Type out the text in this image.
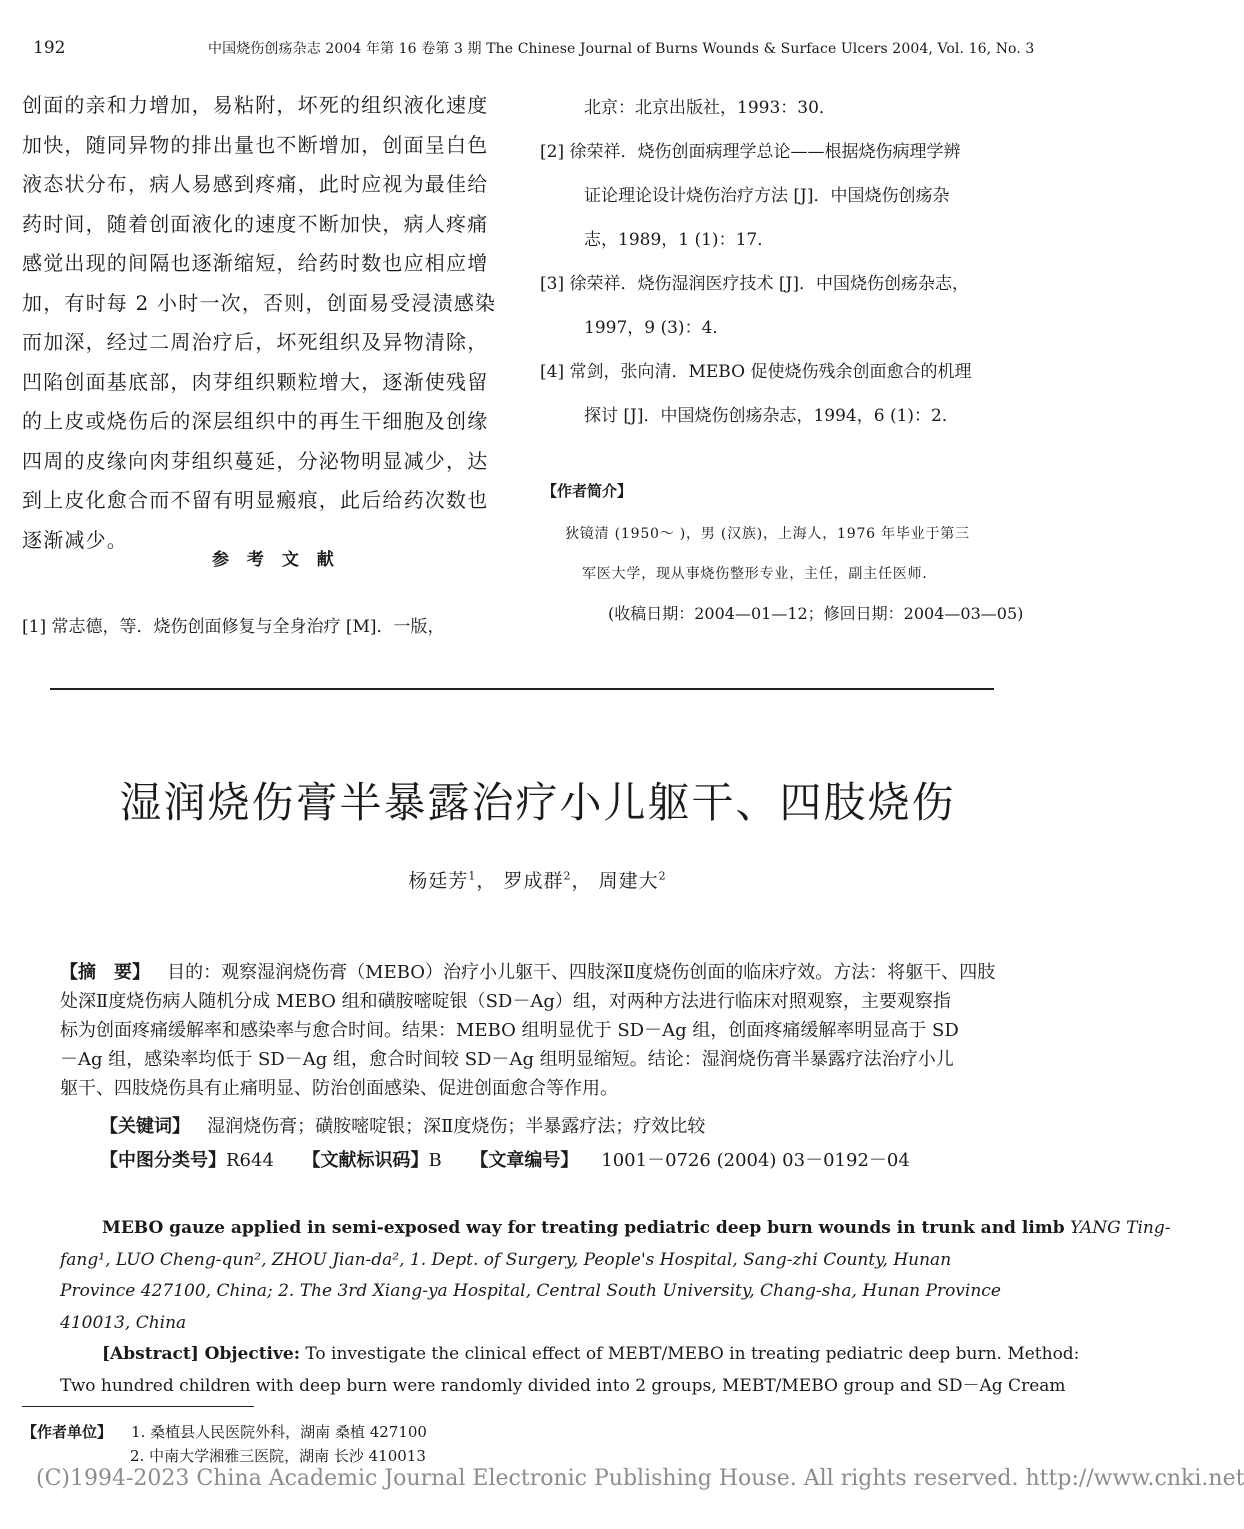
192	中国烧伤创疡杂志 2004 年第 16 卷第 3 期 The Chinese Journal of Burns Wounds & Surface Ulcers 2004, Vol. 16, No. 3
创面的亲和力增加，易粘附，坏死的组织液化速度
加快，随同异物的排出量也不断增加，创面呈白色
液态状分布，病人易感到疼痛，此时应视为最佳给
药时间，随着创面液化的速度不断加快，病人疼痛
感觉出现的间隔也逐渐缩短，给药时数也应相应增
加，有时每 2 小时一次，否则，创面易受浸渍感染
而加深，经过二周治疗后，坏死组织及异物清除，
凹陷创面基底部，肉芽组织颗粒增大，逐渐使残留
的上皮或烧伤后的深层组织中的再生干细胞及创缘
四周的皮缘向肉芽组织蔓延，分泌物明显减少，达
到上皮化愈合而不留有明显瘢痕，此后给药次数也
逐渐减少。
参 考 文 献
[1] 常志德，等．烧伤创面修复与全身治疗 [M]．一版，
北京：北京出版社，1993：30．
[2] 徐荣祥．烧伤创面病理学总论——根据烧伤病理学辨
证论理论设计烧伤治疗方法 [J]．中国烧伤创疡杂
志，1989，1 (1)：17．
[3] 徐荣祥．烧伤湿润医疗技术 [J]．中国烧伤创疡杂志，
1997，9 (3)：4．
[4] 常剑，张向清．MEBO 促使烧伤残余创面愈合的机理
探讨 [J]．中国烧伤创疡杂志，1994，6 (1)：2．
【作者简介】
狄镜清 (1950～ )，男 (汉族)，上海人，1976 年毕业于第三
军医大学，现从事烧伤整形专业，主任，副主任医师．
(收稿日期：2004—01—12；修回日期：2004—03—05)
湿润烧伤膏半暴露治疗小儿躯干、四肢烧伤
杨廷芳$^1$， 罗成群$^2$， 周建大$^2$
【摘　要】 目的：观察湿润烧伤膏（MEBO）治疗小儿躯干、四肢深Ⅱ度烧伤创面的临床疗效。方法：将躯干、四肢
处深Ⅱ度烧伤病人随机分成 MEBO 组和磺胺嘧啶银（SD－Ag）组，对两种方法进行临床对照观察，主要观察指
标为创面疼痛缓解率和感染率与愈合时间。结果：MEBO 组明显优于 SD－Ag 组，创面疼痛缓解率明显高于 SD
－Ag 组，感染率均低于 SD－Ag 组，愈合时间较 SD－Ag 组明显缩短。结论：湿润烧伤膏半暴露疗法治疗小儿
躯干、四肢烧伤具有止痛明显、防治创面感染、促进创面愈合等作用。
【关键词】 湿润烧伤膏；磺胺嘧啶银；深Ⅱ度烧伤；半暴露疗法；疗效比较
【中图分类号】R644 【文献标识码】B 【文章编号】 1001－0726 (2004) 03－0192－04
MEBO gauze applied in semi-exposed way for treating pediatric deep burn wounds in trunk and limb YANG Ting-
fang¹, LUO Cheng-qun², ZHOU Jian-da², 1. Dept. of Surgery, People's Hospital, Sang-zhi County, Hunan
Province 427100, China; 2. The 3rd Xiang-ya Hospital, Central South University, Chang-sha, Hunan Province
410013, China
[Abstract] Objective: To investigate the clinical effect of MEBT/MEBO in treating pediatric deep burn. Method:
Two hundred children with deep burn were randomly divided into 2 groups, MEBT/MEBO group and SD－Ag Cream
【作者单位】 1. 桑植县人民医院外科，湖南 桑植 427100
2. 中南大学湘雅三医院，湖南 长沙 410013
(C)1994-2023 China Academic Journal Electronic Publishing House. All rights reserved. http://www.cnki.net
